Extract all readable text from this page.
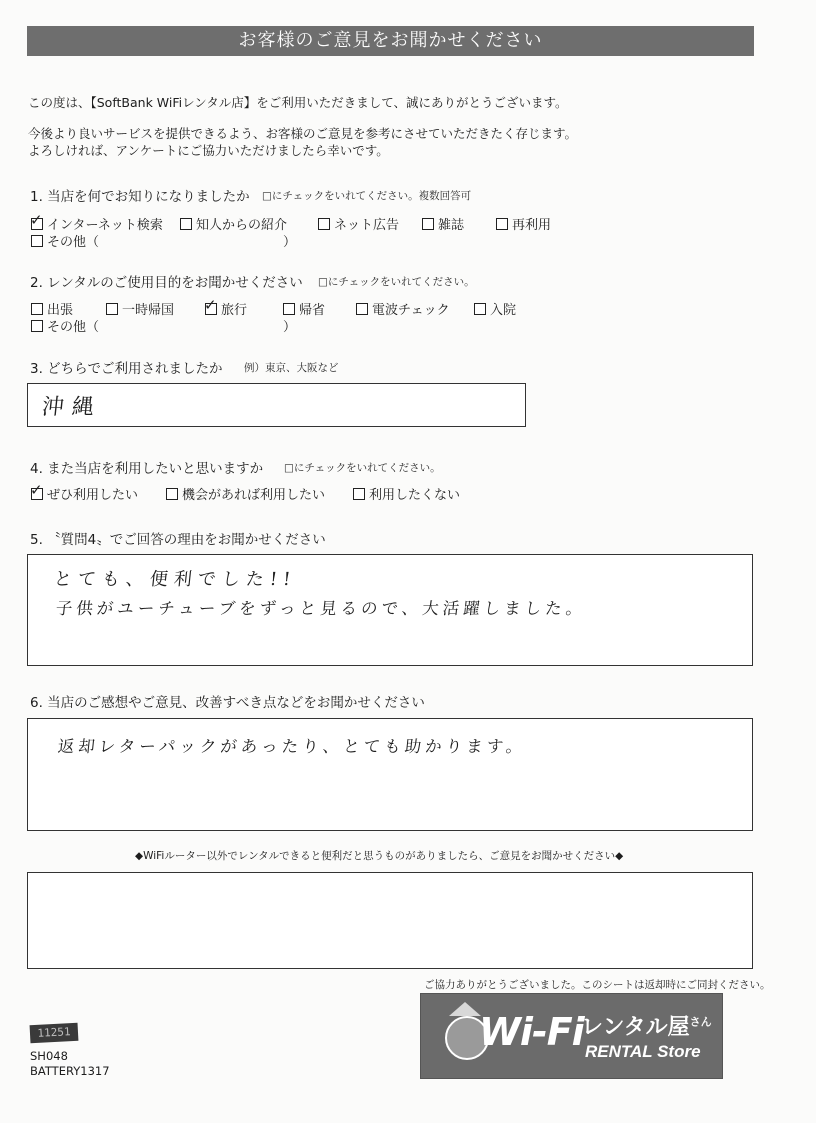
お客様のご意見をお聞かせください
この度は、【SoftBank WiFiレンタル店】をご利用いただきまして、誠にありがとうございます。
今後より良いサービスを提供できるよう、お客様のご意見を参考にさせていただきたく存じます。
よろしければ、アンケートにご協力いただけましたら幸いです。
1. 当店を何でお知りになりましたか □にチェックをいれてください。複数回答可
✓インターネット検索	知人からの紹介	ネット広告	雑誌	再利用
その他（	）
2. レンタルのご使用目的をお聞かせください □にチェックをいれてください。
出張	一時帰国
✓	旅行	帰省	電波チェック	入院
その他（	）
3. どちらでご利用されましたか 例）東京、大阪など
沖縄
4. また当店を利用したいと思いますか □にチェックをいれてください。
✓ぜひ利用したい	機会があれば利用したい	利用したくない
5. 〝質問4〟でご回答の理由をお聞かせください
とても、便利でした!!
子供がユーチューブをずっと見るので、大活躍しました。
6. 当店のご感想やご意見、改善すべき点などをお聞かせください
返却レターパックがあったり、とても助かります。
◆WiFiルーター以外でレンタルできると便利だと思うものがありましたら、ご意見をお聞かせください◆
ご協力ありがとうございました。このシートは返却時にご同封ください。
Wi-Fi
レンタル屋$^{さん}$
RENTAL Store
11251
SH048
BATTERY1317
